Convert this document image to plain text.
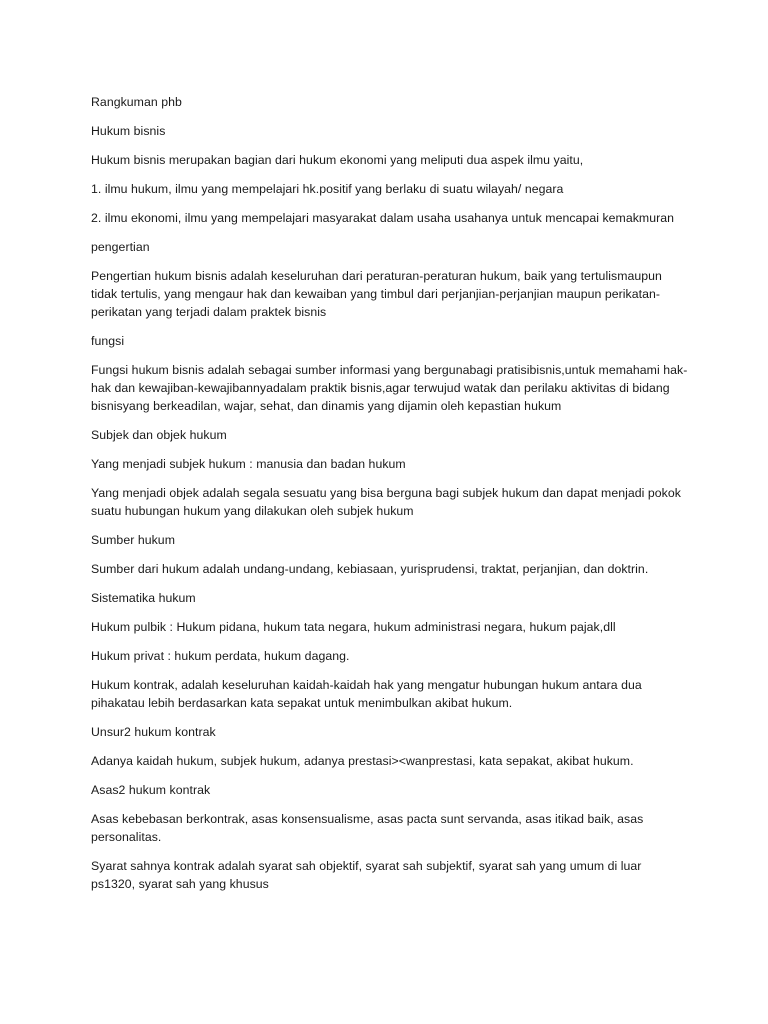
Rangkuman phb

Hukum bisnis

Hukum bisnis merupakan bagian dari hukum ekonomi yang meliputi dua aspek ilmu yaitu,

1. ilmu hukum, ilmu yang mempelajari hk.positif yang berlaku di suatu wilayah/ negara

2. ilmu ekonomi, ilmu yang mempelajari masyarakat dalam usaha usahanya untuk mencapai kemakmuran

pengertian

Pengertian hukum bisnis adalah keseluruhan dari peraturan-peraturan hukum, baik yang tertulismaupun tidak tertulis, yang mengaur hak dan kewaiban yang timbul dari perjanjian-perjanjian maupun perikatan-perikatan yang terjadi dalam praktek bisnis

fungsi

Fungsi hukum bisnis adalah sebagai sumber informasi yang bergunabagi pratisibisnis,untuk memahami hak-hak dan kewajiban-kewajibannyadalam praktik bisnis,agar terwujud watak dan perilaku aktivitas di bidang bisnisyang berkeadilan, wajar, sehat, dan dinamis yang dijamin oleh kepastian hukum

Subjek dan objek hukum

Yang menjadi subjek hukum : manusia dan badan hukum

Yang menjadi objek adalah segala sesuatu yang bisa berguna bagi subjek hukum dan dapat menjadi pokok suatu hubungan hukum yang dilakukan oleh subjek hukum

Sumber hukum

Sumber dari hukum adalah undang-undang, kebiasaan, yurisprudensi, traktat, perjanjian, dan doktrin.

Sistematika hukum

Hukum pulbik : Hukum pidana, hukum tata negara, hukum administrasi negara, hukum pajak,dll

Hukum privat : hukum perdata, hukum dagang.

Hukum kontrak, adalah keseluruhan kaidah-kaidah hak yang mengatur hubungan hukum antara dua pihakatau lebih berdasarkan kata sepakat untuk menimbulkan akibat hukum.

Unsur2 hukum kontrak

Adanya kaidah hukum, subjek hukum, adanya prestasi><wanprestasi, kata sepakat, akibat hukum.

Asas2 hukum kontrak

Asas kebebasan berkontrak, asas konsensualisme, asas pacta sunt servanda, asas itikad baik, asas personalitas.

Syarat sahnya kontrak adalah syarat sah objektif, syarat sah subjektif, syarat sah yang umum di luar ps1320, syarat sah yang khusus
